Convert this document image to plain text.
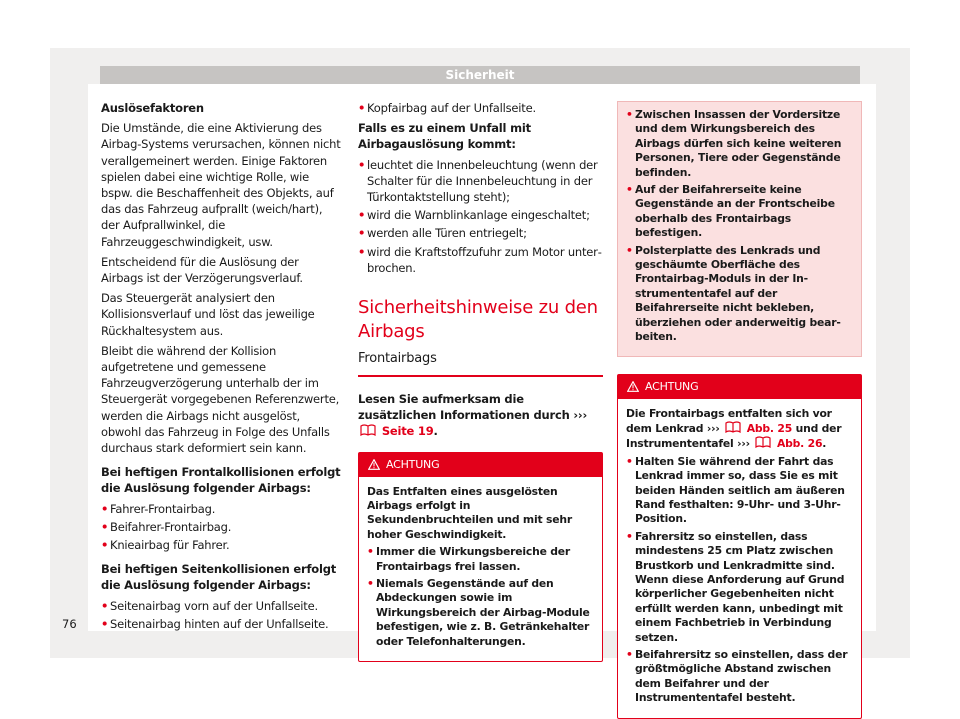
Sicherheit

Auslösefaktoren

Die Umstände, die eine Aktivierung des Airbag-Systems verursachen, können nicht verallgemeinert werden. Einige Faktoren spielen dabei eine wichtige Rolle, wie bspw. die Beschaffenheit des Objekts, auf das das Fahrzeug aufprallt (weich/hart), der Aufprallwinkel, die Fahrzeuggeschwindigkeit, usw.

Entscheidend für die Auslösung der Airbags ist der Verzögerungsverlauf.

Das Steuergerät analysiert den Kollisionsverlauf und löst das jeweilige Rückhaltesystem aus.

Bleibt die während der Kollision aufgetretene und gemessene Fahrzeugverzögerung unterhalb der im Steuergerät vorgegebenen Referenzwerte, werden die Airbags nicht ausgelöst, obwohl das Fahrzeug in Folge des Unfalls durchaus stark deformiert sein kann.

Bei heftigen Frontalkollisionen erfolgt die Auslösung folgender Airbags:

• Fahrer-Frontairbag.
• Beifahrer-Frontairbag.
• Knieairbag für Fahrer.

Bei heftigen Seitenkollisionen erfolgt die Auslösung folgender Airbags:

• Seitenairbag vorn auf der Unfallseite.
• Seitenairbag hinten auf der Unfallseite.
• Kopfairbag auf der Unfallseite.

Falls es zu einem Unfall mit Airbagauslösung kommt:

• leuchtet die Innenbeleuchtung (wenn der Schalter für die Innenbeleuchtung in der Türkontaktstellung steht);
• wird die Warnblinkanlage eingeschaltet;
• werden alle Türen entriegelt;
• wird die Kraftstoffzufuhr zum Motor unterbrochen.
Sicherheitshinweise zu den Airbags
Frontairbags

Lesen Sie aufmerksam die zusätzlichen Informationen durch ›››  Seite 19.

ACHTUNG

Das Entfalten eines ausgelösten Airbags erfolgt in Sekundenbruchteilen und mit sehr hoher Geschwindigkeit.

• Immer die Wirkungsbereiche der Frontairbags frei lassen.
• Niemals Gegenstände auf den Abdeckungen sowie im Wirkungsbereich der Airbag-Module befestigen, wie z. B. Getränkehalter oder Telefonhalterungen.
• Zwischen Insassen der Vordersitze und dem Wirkungsbereich des Airbags dürfen sich keine weiteren Personen, Tiere oder Gegenstände befinden.
• Auf der Beifahrerseite keine Gegenstände an der Frontscheibe oberhalb des Frontairbags befestigen.
• Polsterplatte des Lenkrads und geschäumte Oberfläche des Frontairbag-Moduls in der Instrumententafel auf der Beifahrerseite nicht bekleben, überziehen oder anderweitig bearbeiten.
ACHTUNG

Die Frontairbags entfalten sich vor dem Lenkrad ›››	Abb. 25 und der Instrumententafel ›››	Abb. 26.

• Halten Sie während der Fahrt das Lenkrad immer so, dass Sie es mit beiden Händen seitlich am äußeren Rand festhalten: 9-Uhr- und 3-Uhr-Position.
• Fahrersitz so einstellen, dass mindestens 25 cm Platz zwischen Brustkorb und Lenkradmitte sind. Wenn diese Anforderung auf Grund körperlicher Gegebenheiten nicht erfüllt werden kann, unbedingt mit einem Fachbetrieb in Verbindung setzen.
• Beifahrersitz so einstellen, dass der größtmögliche Abstand zwischen dem Beifahrer und der Instrumententafel besteht.
76
